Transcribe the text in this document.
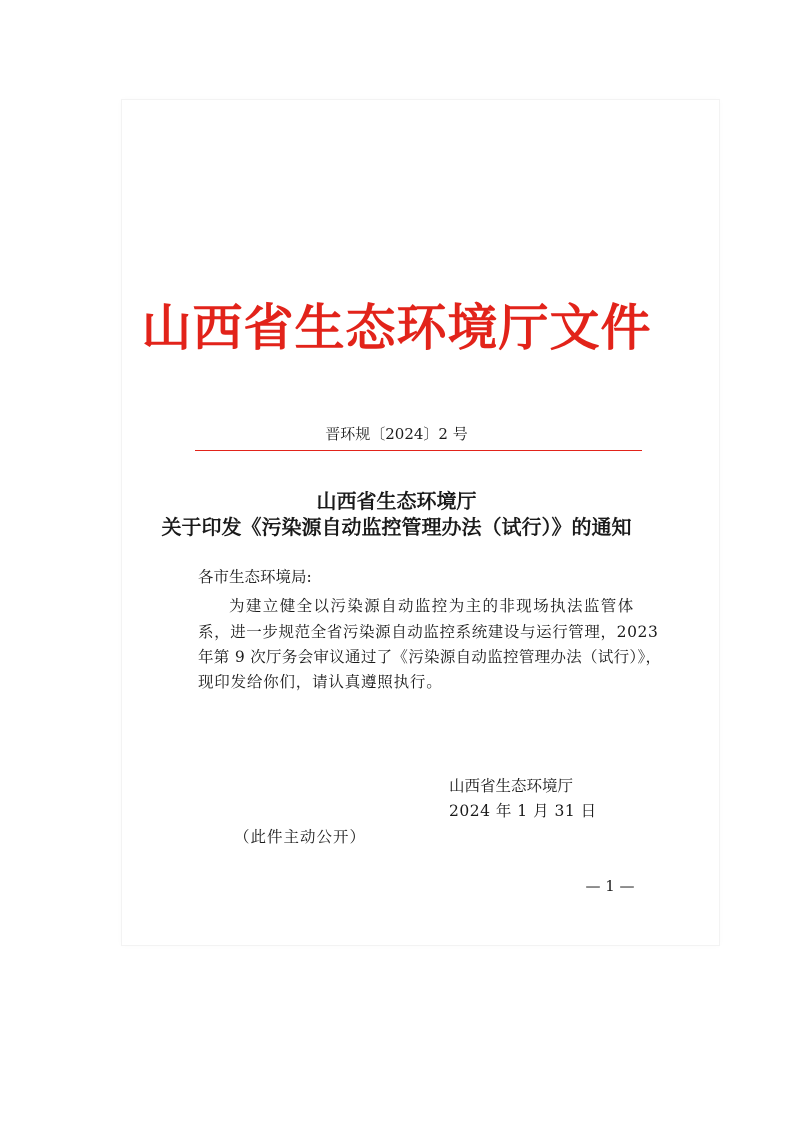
山西省生态环境厅文件
晋环规〔2024〕2 号
山西省生态环境厅
关于印发《污染源自动监控管理办法（试行）》的通知
各市生态环境局:
为建立健全以污染源自动监控为主的非现场执法监管体
系，进一步规范全省污染源自动监控系统建设与运行管理，2023
年第 9 次厅务会审议通过了《污染源自动监控管理办法（试行）》，
现印发给你们，请认真遵照执行。
山西省生态环境厅
2024 年 1 月 31 日
（此件主动公开）
— 1 —
